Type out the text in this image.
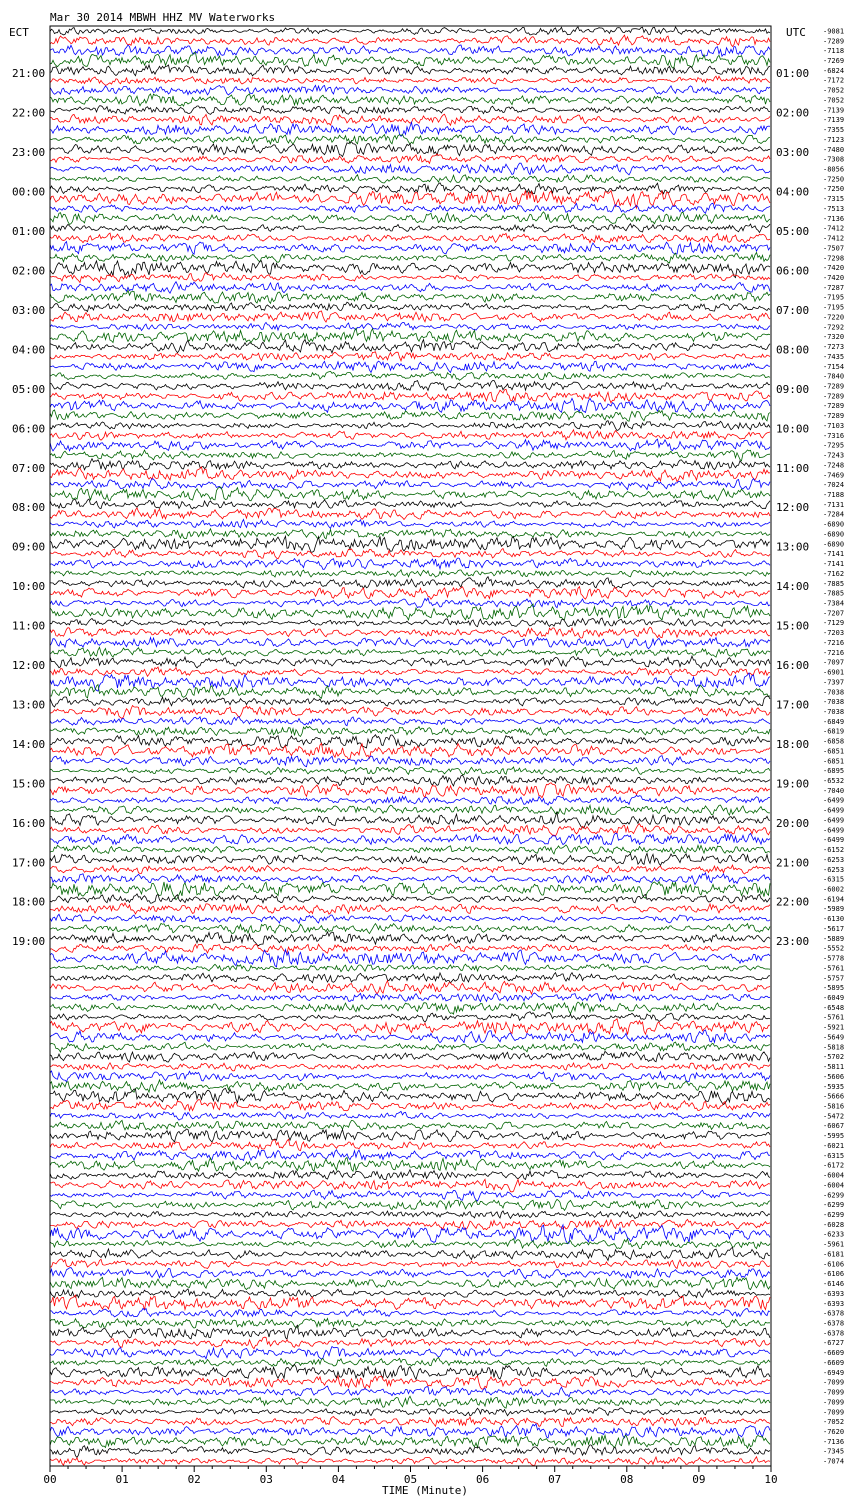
21:00	01:00
22:00	02:00
23:00	03:00
00:00	04:00
01:00	05:00
02:00	06:00
03:00	07:00
04:00	08:00
05:00	09:00
06:00	10:00
07:00	11:00
08:00	12:00
09:00	13:00
10:00	14:00
11:00	15:00
12:00	16:00
13:00	17:00
14:00	18:00
15:00	19:00
16:00	20:00
17:00	21:00
18:00	22:00
19:00	23:00
-9081
-7289
-7118
-7269
-6824
-7172
-7052
-7052
-7139
-7139
-7355
-7123
-7480
-7308
-8056
-7250
-7250
-7315
-7513
-7136
-7412
-7412
-7507
-7298
-7420
-7420
-7287
-7195
-7195
-7220
-7292
-7320
-7273
-7435
-7154
-7840
-7289
-7289
-7289
-7289
-7103
-7316
-7295
-7243
-7248
-7469
-7024
-7188
-7131
-7284
-6890
-6890
-6890
-7141
-7141
-7162
-7885
-7885
-7384
-7207
-7129
-7203
-7216
-7216
-7097
-6901
-7397
-7038
-7038
-7038
-6849
-6819
-6858
-6851
-6851
-6895
-6532
-7040
-6499
-6499
-6499
-6499
-6499
-6152
-6253
-6253
-6315
-6002
-6194
-5989
-6130
-5617
-5889
-5552
-5778
-5761
-5757
-5895
-6049
-6548
-5761
-5921
-5649
-5818
-5702
-5811
-5606
-5935
-5666
-5816
-5472
-6067
-5995
-6021
-6315
-6172
-6004
-6004
-6299
-6299
-6299
-6028
-6233
-5961
-6181
-6106
-6106
-6146
-6393
-6393
-6378
-6378
-6378
-6727
-6609
-6609
-6949
-7099
-7099
-7099
-7099
-7052
-7620
-7136
-7345
-7074
00	01	02	03	04	05	06	07	08	09	10
Mar 30 2014 MBWH HHZ MV Waterworks
ECT	UTC
TIME (Minute)
